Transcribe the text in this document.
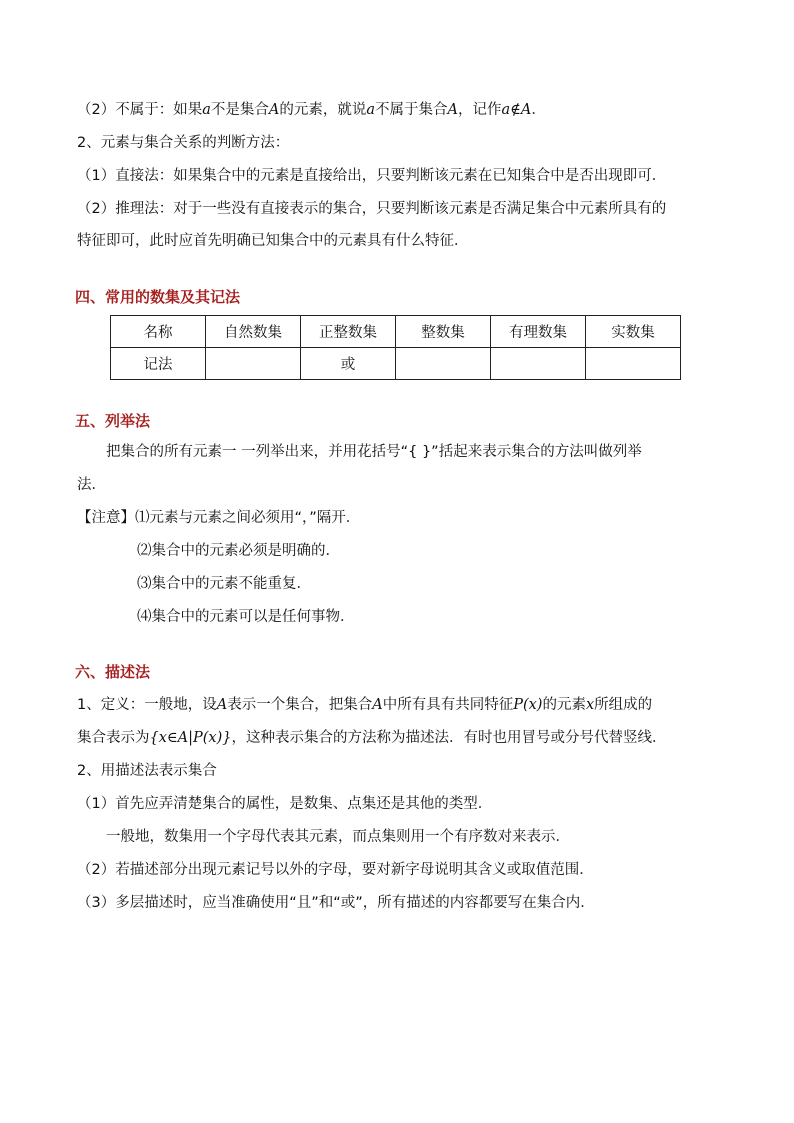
（2）不属于：如果a不是集合A的元素，就说a不属于集合A，记作a∉A．
2、元素与集合关系的判断方法：
（1）直接法：如果集合中的元素是直接给出，只要判断该元素在已知集合中是否出现即可．
（2）推理法：对于一些没有直接表示的集合，只要判断该元素是否满足集合中元素所具有的
特征即可，此时应首先明确已知集合中的元素具有什么特征．
四、常用的数集及其记法
名称	自然数集	正整数集	整数集	有理数集	实数集
记法		或			
五、列举法
把集合的所有元素一 一列举出来，并用花括号“{ }”括起来表示集合的方法叫做列举
法．
【注意】⑴元素与元素之间必须用“，”隔开．
⑵集合中的元素必须是明确的．
⑶集合中的元素不能重复．
⑷集合中的元素可以是任何事物．
六、描述法
1、定义：一般地，设A表示一个集合，把集合A中所有具有共同特征P(x)的元素x所组成的
集合表示为{x∈A|P(x)}，这种表示集合的方法称为描述法．有时也用冒号或分号代替竖线．
2、用描述法表示集合
（1）首先应弄清楚集合的属性，是数集、点集还是其他的类型．
一般地，数集用一个字母代表其元素，而点集则用一个有序数对来表示．
（2）若描述部分出现元素记号以外的字母，要对新字母说明其含义或取值范围．
（3）多层描述时，应当准确使用“且”和“或”，所有描述的内容都要写在集合内．
